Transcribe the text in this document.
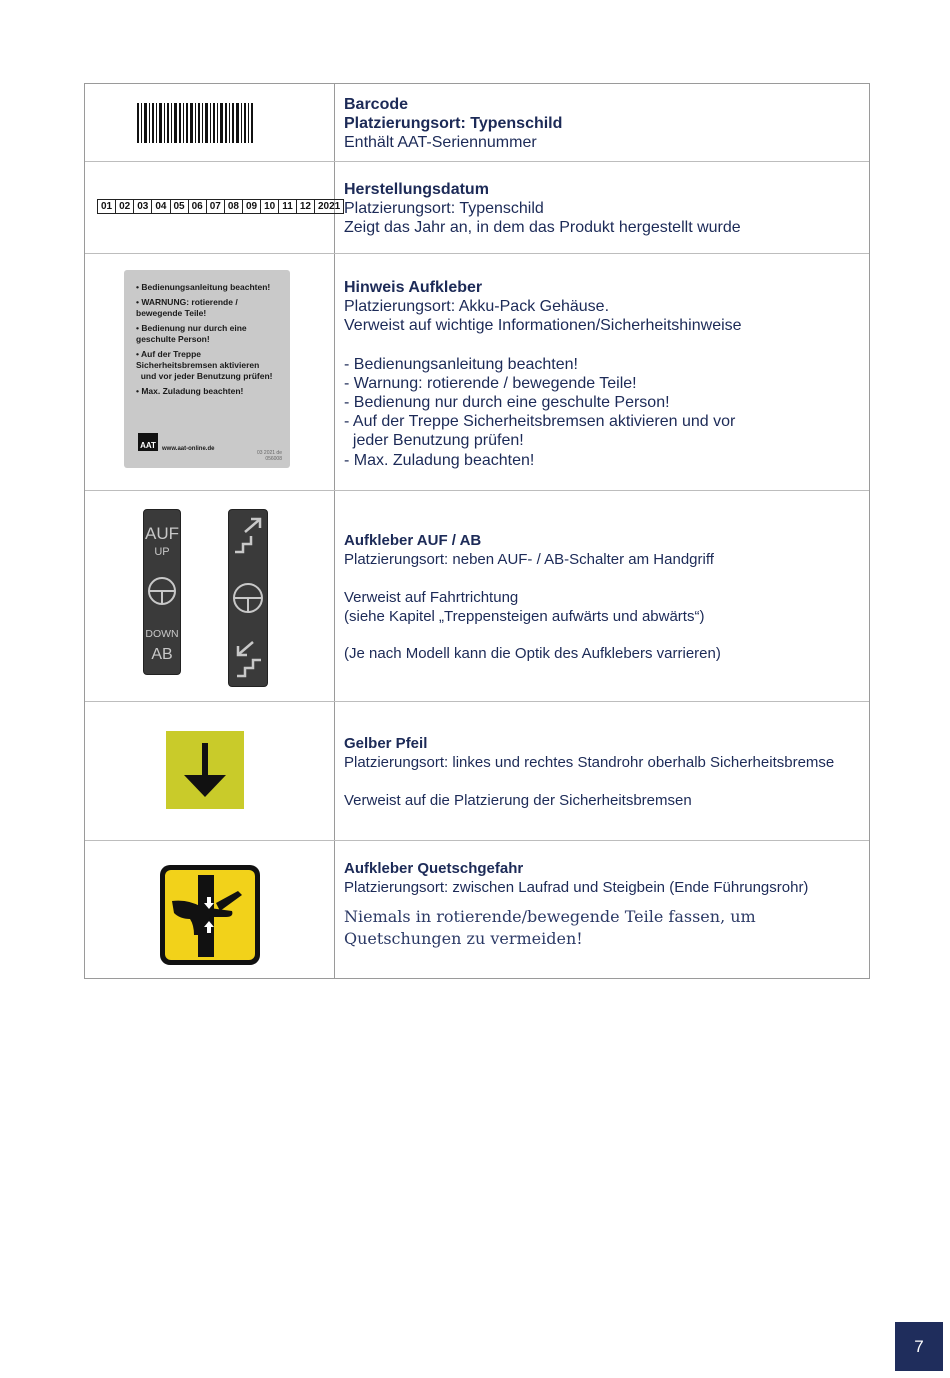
Barcode

Platzierungsort: Typenschild

Enthält AAT-Seriennummer

01 02 03 04 05 06 07 08 09 10 11 12 2021

Herstellungsdatum

Platzierungsort: Typenschild

Zeigt das Jahr an, in dem das Produkt hergestellt wurde

• Bedienungsanleitung beachten!

• WARNUNG: rotierende / bewegende Teile!

• Bedienung nur durch eine geschulte Person!

• Auf der Treppe Sicherheitsbremsen aktivieren

und vor jeder Benutzung prüfen!

• Max. Zuladung beachten!

AAT	www.aat-online.de
03 2021 de
056008

Hinweis Aufkleber

Platzierungsort: Akku-Pack Gehäuse.

Verweist auf wichtige Informationen/Sicherheitshinweise

- Bedienungsanleitung beachten!

- Warnung: rotierende / bewegende Teile!

- Bedienung nur durch eine geschulte Person!

- Auf der Treppe Sicherheitsbremsen aktivieren und vor

jeder Benutzung prüfen!

- Max. Zuladung beachten!

AUF
UP
DOWN
AB

Aufkleber AUF / AB

Platzierungsort: neben AUF- / AB-Schalter am Handgriff

Verweist auf Fahrtrichtung

(siehe Kapitel „Treppensteigen aufwärts und abwärts“)

(Je nach Modell kann die Optik des Aufklebers varrieren)

Gelber Pfeil

Platzierungsort: linkes und rechtes Standrohr oberhalb Sicherheitsbremse

Verweist auf die Platzierung der Sicherheitsbremsen

Aufkleber Quetschgefahr

Platzierungsort: zwischen Laufrad und Steigbein (Ende Führungsrohr)

Niemals in rotierende/bewegende Teile fassen, um Quetschungen zu vermeiden!

7
